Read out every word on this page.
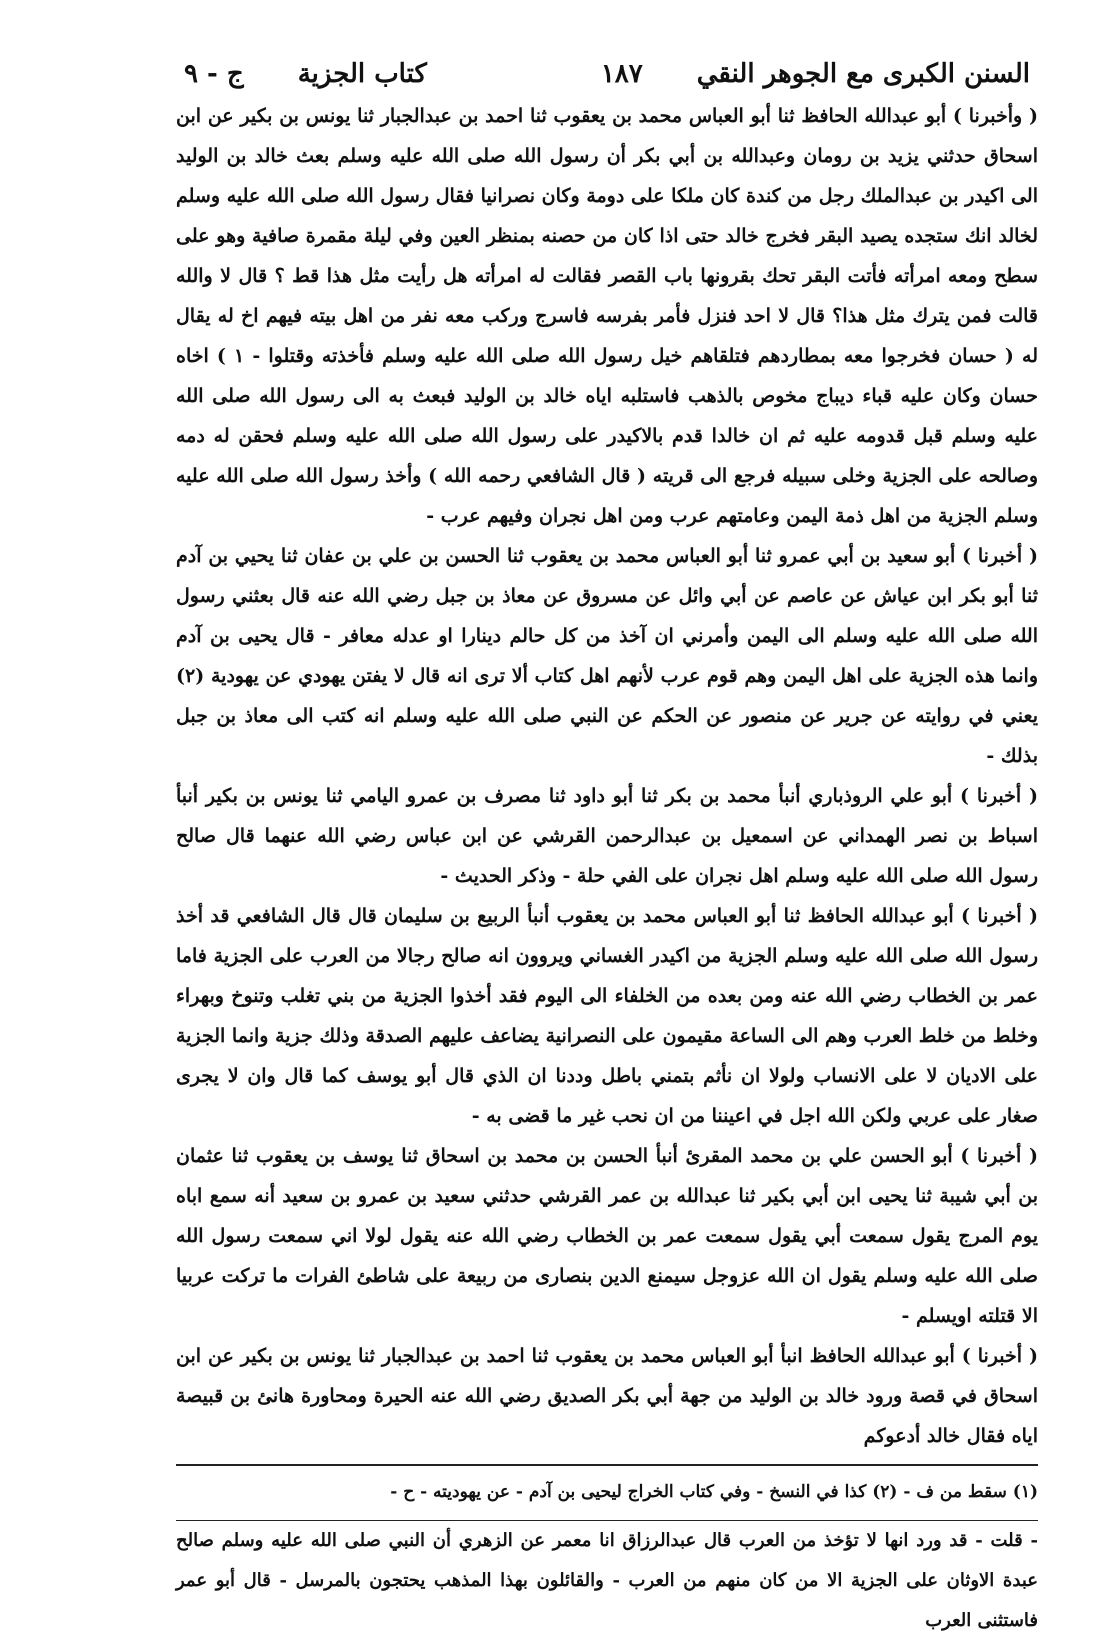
السنن الكبرى مع الجوهر النقي
١٨٧
كتاب الجزية
ج - ٩

( وأخبرنا ) أبو عبدالله الحافظ ثنا أبو العباس محمد بن يعقوب ثنا احمد بن عبدالجبار ثنا يونس بن بكير عن ابن اسحاق حدثني يزيد بن رومان وعبدالله بن أبي بكر أن رسول الله صلى الله عليه وسلم بعث خالد بن الوليد الى اكيدر بن عبدالملك رجل من كندة كان ملكا على دومة وكان نصرانيا فقال رسول الله صلى الله عليه وسلم لخالد انك ستجده يصيد البقر فخرج خالد حتى اذا كان من حصنه بمنظر العين وفي ليلة مقمرة صافية وهو على سطح ومعه امرأته فأتت البقر تحك بقرونها باب القصر فقالت له امرأته هل رأيت مثل هذا قط ؟ قال لا والله قالت فمن يترك مثل هذا؟ قال لا احد فنزل فأمر بفرسه فاسرج وركب معه نفر من اهل بيته فيهم اخ له يقال له ( حسان فخرجوا معه بمطاردهم فتلقاهم خيل رسول الله صلى الله عليه وسلم فأخذته وقتلوا - ١ ) اخاه حسان وكان عليه قباء ديباج مخوص بالذهب فاستلبه اياه خالد بن الوليد فبعث به الى رسول الله صلى الله عليه وسلم قبل قدومه عليه ثم ان خالدا قدم بالاكيدر على رسول الله صلى الله عليه وسلم فحقن له دمه وصالحه على الجزية وخلى سبيله فرجع الى قريته ( قال الشافعي رحمه الله ) وأخذ رسول الله صلى الله عليه وسلم الجزية من اهل ذمة اليمن وعامتهم عرب ومن اهل نجران وفيهم عرب -

( أخبرنا ) أبو سعيد بن أبي عمرو ثنا أبو العباس محمد بن يعقوب ثنا الحسن بن علي بن عفان ثنا يحيي بن آدم ثنا أبو بكر ابن عياش عن عاصم عن أبي وائل عن مسروق عن معاذ بن جبل رضي الله عنه قال بعثني رسول الله صلى الله عليه وسلم الى اليمن وأمرني ان آخذ من كل حالم دينارا او عدله معافر - قال يحيى بن آدم وانما هذه الجزية على اهل اليمن وهم قوم عرب لأنهم اهل كتاب ألا ترى انه قال لا يفتن يهودي عن يهودية (٢) يعني في روايته عن جرير عن منصور عن الحكم عن النبي صلى الله عليه وسلم انه كتب الى معاذ بن جبل بذلك -

( أخبرنا ) أبو علي الروذباري أنبأ محمد بن بكر ثنا أبو داود ثنا مصرف بن عمرو اليامي ثنا يونس بن بكير أنبأ اسباط بن نصر الهمداني عن اسمعيل بن عبدالرحمن القرشي عن ابن عباس رضي الله عنهما قال صالح رسول الله صلى الله عليه وسلم اهل نجران على الفي حلة - وذكر الحديث -

( أخبرنا ) أبو عبدالله الحافظ ثنا أبو العباس محمد بن يعقوب أنبأ الربيع بن سليمان قال قال الشافعي قد أخذ رسول الله صلى الله عليه وسلم الجزية من اكيدر الغساني ويروون انه صالح رجالا من العرب على الجزية فاما عمر بن الخطاب رضي الله عنه ومن بعده من الخلفاء الى اليوم فقد أخذوا الجزية من بني تغلب وتنوخ وبهراء وخلط من خلط العرب وهم الى الساعة مقيمون على النصرانية يضاعف عليهم الصدقة وذلك جزية وانما الجزية على الاديان لا على الانساب ولولا ان نأثم بتمني باطل وددنا ان الذي قال أبو يوسف كما قال وان لا يجرى صغار على عربي ولكن الله اجل في اعيننا من ان نحب غير ما قضى به -

( أخبرنا ) أبو الحسن علي بن محمد المقرئ أنبأ الحسن بن محمد بن اسحاق ثنا يوسف بن يعقوب ثنا عثمان بن أبي شيبة ثنا يحيى ابن أبي بكير ثنا عبدالله بن عمر القرشي حدثني سعيد بن عمرو بن سعيد أنه سمع اباه يوم المرج يقول سمعت أبي يقول سمعت عمر بن الخطاب رضي الله عنه يقول لولا اني سمعت رسول الله صلى الله عليه وسلم يقول ان الله عزوجل سيمنع الدين بنصارى من ربيعة على شاطئ الفرات ما تركت عربيا الا قتلته اويسلم -

( أخبرنا ) أبو عبدالله الحافظ انبأ أبو العباس محمد بن يعقوب ثنا احمد بن عبدالجبار ثنا يونس بن بكير عن ابن اسحاق في قصة ورود خالد بن الوليد من جهة أبي بكر الصديق رضي الله عنه الحيرة ومحاورة هانئ بن قبيصة اياه فقال خالد أدعوكم

(١) سقط من ف - (٢) كذا في النسخ - وفي كتاب الخراج ليحيى بن آدم - عن يهوديته - ح -

- قلت - قد ورد انها لا تؤخذ من العرب قال عبدالرزاق انا معمر عن الزهري أن النبي صلى الله عليه وسلم صالح عبدة الاوثان على الجزية الا من كان منهم من العرب - والقائلون بهذا المذهب يحتجون بالمرسل - قال أبو عمر فاستثنى العرب
